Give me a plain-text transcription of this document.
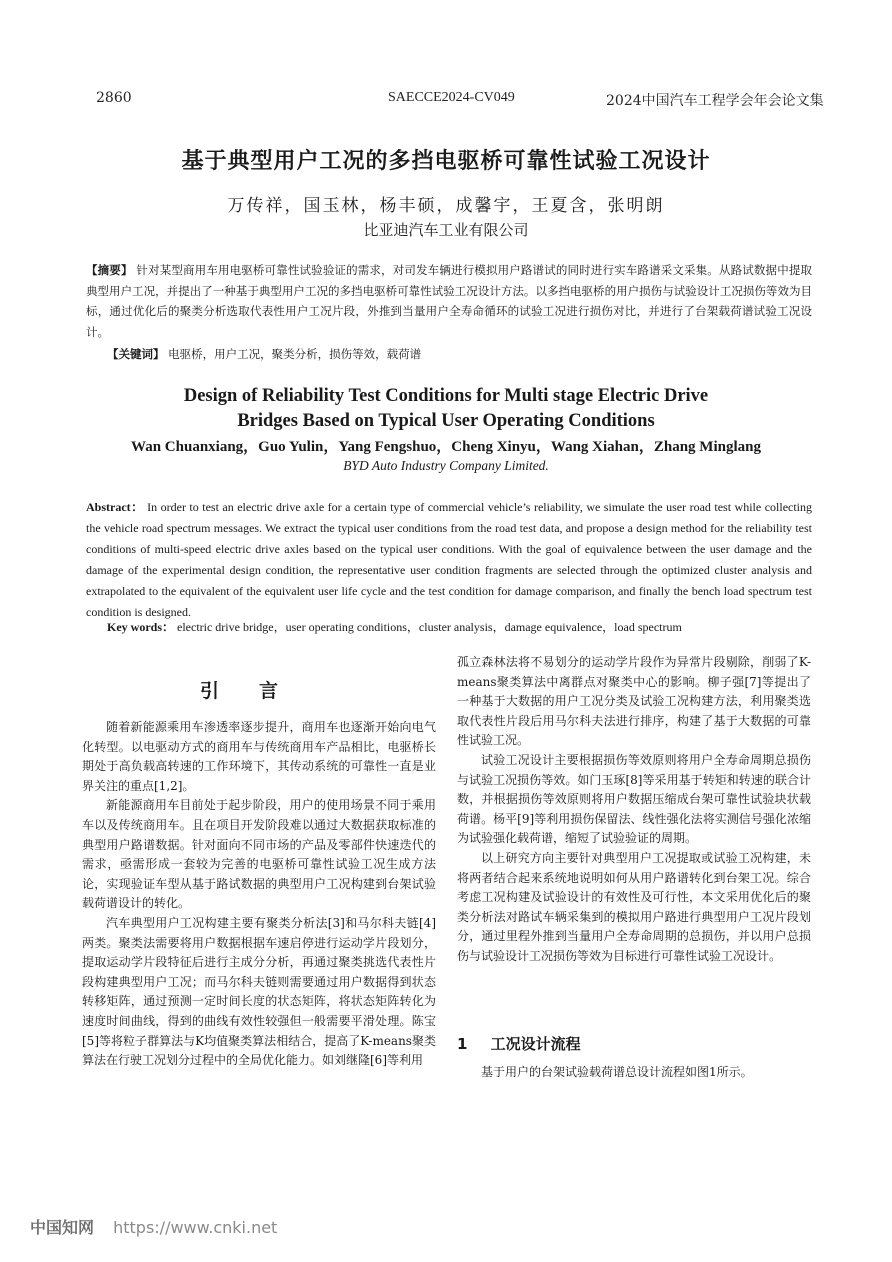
2860	SAECCE2024-CV049	2024中国汽车工程学会年会论文集
基于典型用户工况的多挡电驱桥可靠性试验工况设计
万传祥，国玉林，杨丰硕，成馨宇，王夏含，张明朗
比亚迪汽车工业有限公司
【摘要】 针对某型商用车用电驱桥可靠性试验验证的需求，对司发车辆进行模拟用户路谱试的同时进行实车路谱采文采集。从路试数据中提取典型用户工况，并提出了一种基于典型用户工况的多挡电驱桥可靠性试验工况设计方法。以多挡电驱桥的用户损伤与试验设计工况损伤等效为目标，通过优化后的聚类分析选取代表性用户工况片段，外推到当量用户全寿命循环的试验工况进行损伤对比，并进行了台架载荷谱试验工况设计。
【关键词】 电驱桥，用户工况，聚类分析，损伤等效，载荷谱
Design of Reliability Test Conditions for Multi stage Electric Drive
Bridges Based on Typical User Operating Conditions
Wan Chuanxiang，Guo Yulin，Yang Fengshuo，Cheng Xinyu，Wang Xiahan，Zhang Minglang
BYD Auto Industry Company Limited.
Abstract： In order to test an electric drive axle for a certain type of commercial vehicle’s reliability, we simulate the user road test while collecting the vehicle road spectrum messages. We extract the typical user conditions from the road test data, and propose a design method for the reliability test conditions of multi-speed electric drive axles based on the typical user conditions. With the goal of equivalence between the user damage and the damage of the experimental design condition, the representative user condition fragments are selected through the optimized cluster analysis and extrapolated to the equivalent of the equivalent user life cycle and the test condition for damage comparison, and finally the bench load spectrum test condition is designed.
Key words： electric drive bridge，user operating conditions，cluster analysis，damage equivalence，load spectrum
引言

随着新能源乘用车渗透率逐步提升，商用车也逐渐开始向电气化转型。以电驱动方式的商用车与传统商用车产品相比，电驱桥长期处于高负载高转速的工作环境下，其传动系统的可靠性一直是业界关注的重点[1,2]。

新能源商用车目前处于起步阶段，用户的使用场景不同于乘用车以及传统商用车。且在项目开发阶段难以通过大数据获取标准的典型用户路谱数据。针对面向不同市场的产品及零部件快速迭代的需求，亟需形成一套较为完善的电驱桥可靠性试验工况生成方法论，实现验证车型从基于路试数据的典型用户工况构建到台架试验载荷谱设计的转化。

汽车典型用户工况构建主要有聚类分析法[3]和马尔科夫链[4]两类。聚类法需要将用户数据根据车速启停进行运动学片段划分，提取运动学片段特征后进行主成分分析，再通过聚类挑选代表性片段构建典型用户工况；而马尔科夫链则需要通过用户数据得到状态转移矩阵，通过预测一定时间长度的状态矩阵，将状态矩阵转化为速度时间曲线，得到的曲线有效性较强但一般需要平滑处理。陈宝[5]等将粒子群算法与K均值聚类算法相结合，提高了K-means聚类算法在行驶工况划分过程中的全局优化能力。如刘继隆[6]等利用

孤立森林法将不易划分的运动学片段作为异常片段剔除，削弱了K-means聚类算法中离群点对聚类中心的影响。柳子强[7]等提出了一种基于大数据的用户工况分类及试验工况构建方法，利用聚类选取代表性片段后用马尔科夫法进行排序，构建了基于大数据的可靠性试验工况。

试验工况设计主要根据损伤等效原则将用户全寿命周期总损伤与试验工况损伤等效。如门玉琢[8]等采用基于转矩和转速的联合计数，并根据损伤等效原则将用户数据压缩成台架可靠性试验块状载荷谱。杨平[9]等利用损伤保留法、线性强化法将实测信号强化浓缩为试验强化载荷谱，缩短了试验验证的周期。

以上研究方向主要针对典型用户工况提取或试验工况构建，未将两者结合起来系统地说明如何从用户路谱转化到台架工况。综合考虑工况构建及试验设计的有效性及可行性，本文采用优化后的聚类分析法对路试车辆采集到的模拟用户路进行典型用户工况片段划分，通过里程外推到当量用户全寿命周期的总损伤，并以用户总损伤与试验设计工况损伤等效为目标进行可靠性试验工况设计。

1 工况设计流程

基于用户的台架试验载荷谱总设计流程如图1所示。

中国知网 https://www.cnki.net
